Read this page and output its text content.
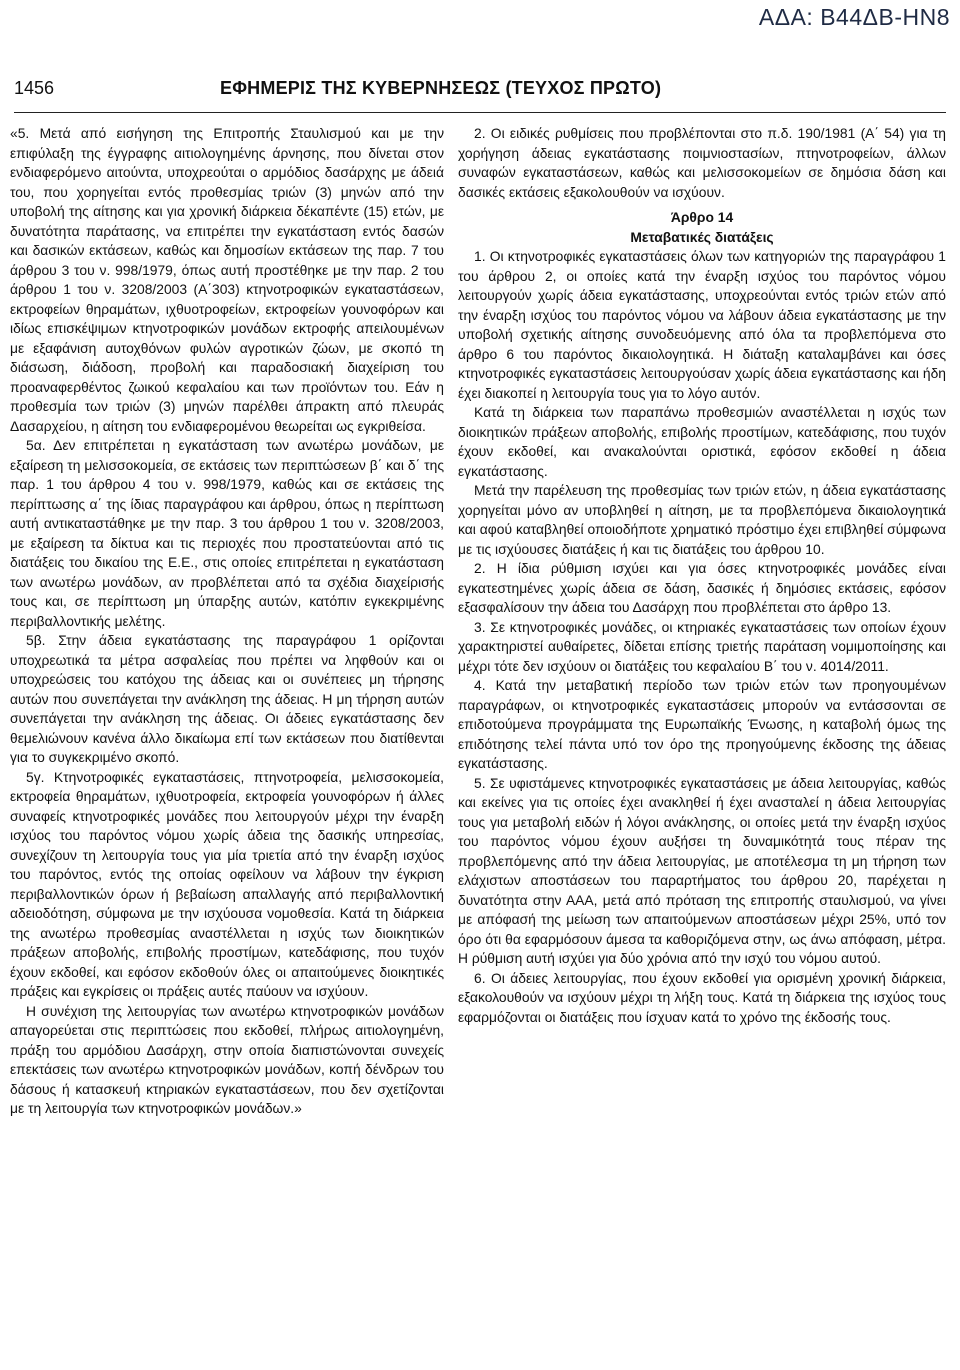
ΑΔΑ: Β44ΔΒ-ΗΝ8
1456	ΕΦΗΜΕΡΙΣ ΤΗΣ ΚΥΒΕΡΝΗΣΕΩΣ (ΤΕΥΧΟΣ ΠΡΩΤΟ)

«5. Μετά από εισήγηση της Επιτροπής Σταυλισμού και με την επιφύλαξη της έγγραφης αιτιολογημένης άρνησης, που δίνεται στον ενδιαφερόμενο αιτούντα, υποχρεούται ο αρμόδιος δασάρχης με άδειά του, που χορηγείται εντός προθεσμίας τριών (3) μηνών από την υποβολή της αίτησης και για χρονική διάρκεια δέκαπέντε (15) ετών, με δυνατότητα παράτασης, να επιτρέπει την εγκατάσταση εντός δασών και δασικών εκτάσεων, καθώς και δημοσίων εκτάσεων της παρ. 7 του άρθρου 3 του ν. 998/1979, όπως αυτή προστέθηκε με την παρ. 2 του άρθρου 1 του ν. 3208/2003 (Α΄303) κτηνοτροφικών εγκαταστάσεων, εκτροφείων θηραμάτων, ιχθυοτροφείων, εκτροφείων γουνοφόρων και ιδίως επισκέψιμων κτηνοτροφικών μονάδων εκτροφής απειλουμένων με εξαφάνιση αυτοχθόνων φυλών αγροτικών ζώων, με σκοπό τη διάσωση, διάδοση, προβολή και παραδοσιακή διαχείριση του προαναφερθέντος ζωικού κεφαλαίου και των προϊόντων του. Εάν η προθεσμία των τριών (3) μηνών παρέλθει άπρακτη από πλευράς Δασαρχείου, η αίτηση του ενδιαφερομένου θεωρείται ως εγκριθείσα.

5α. Δεν επιτρέπεται η εγκατάσταση των ανωτέρω μονάδων, με εξαίρεση τη μελισσοκομεία, σε εκτάσεις των περιπτώσεων β΄ και δ΄ της παρ. 1 του άρθρου 4 του ν. 998/1979, καθώς και σε εκτάσεις της περίπτωσης α΄ της ίδιας παραγράφου και άρθρου, όπως η περίπτωση αυτή αντικαταστάθηκε με την παρ. 3 του άρθρου 1 του ν. 3208/2003, με εξαίρεση τα δίκτυα και τις περιοχές που προστατεύονται από τις διατάξεις του δικαίου της Ε.Ε., στις οποίες επιτρέπεται η εγκατάσταση των ανωτέρω μονάδων, αν προβλέπεται από τα σχέδια διαχείρισής τους και, σε περίπτωση μη ύπαρξης αυτών, κατόπιν εγκεκριμένης περιβαλλοντικής μελέτης.

5β. Στην άδεια εγκατάστασης της παραγράφου 1 ορίζονται υποχρεωτικά τα μέτρα ασφαλείας που πρέπει να ληφθούν και οι υποχρεώσεις του κατόχου της άδειας και οι συνέπειες μη τήρησης αυτών που συνεπάγεται την ανάκληση της άδειας. Η μη τήρηση αυτών συνεπάγεται την ανάκληση της άδειας. Οι άδειες εγκατάστασης δεν θεμελιώνουν κανένα άλλο δικαίωμα επί των εκτάσεων που διατίθενται για το συγκεκριμένο σκοπό.

5γ. Κτηνοτροφικές εγκαταστάσεις, πτηνοτροφεία, μελισσοκομεία, εκτροφεία θηραμάτων, ιχθυοτροφεία, εκτροφεία γουνοφόρων ή άλλες συναφείς κτηνοτροφικές μονάδες που λειτουργούν μέχρι την έναρξη ισχύος του παρόντος νόμου χωρίς άδεια της δασικής υπηρεσίας, συνεχίζουν τη λειτουργία τους για μία τριετία από την έναρξη ισχύος του παρόντος, εντός της οποίας οφείλουν να λάβουν την έγκριση περιβαλλοντικών όρων ή βεβαίωση απαλλαγής από περιβαλλοντική αδειοδότηση, σύμφωνα με την ισχύουσα νομοθεσία. Κατά τη διάρκεια της ανωτέρω προθεσμίας αναστέλλεται η ισχύς των διοικητικών πράξεων αποβολής, επιβολής προστίμων, κατεδάφισης, που τυχόν έχουν εκδοθεί, και εφόσον εκδοθούν όλες οι απαιτούμενες διοικητικές πράξεις και εγκρίσεις οι πράξεις αυτές παύουν να ισχύουν.

Η συνέχιση της λειτουργίας των ανωτέρω κτηνοτροφικών μονάδων απαγορεύεται στις περιπτώσεις που εκδοθεί, πλήρως αιτιολογημένη, πράξη του αρμόδιου Δασάρχη, στην οποία διαπιστώνονται συνεχείς επεκτάσεις των ανωτέρω κτηνοτροφικών μονάδων, κοπή δένδρων του δάσους ή κατασκευή κτηριακών εγκαταστάσεων, που δεν σχετίζονται με τη λειτουργία των κτηνοτροφικών μονάδων.»

2. Οι ειδικές ρυθμίσεις που προβλέπονται στο π.δ. 190/1981 (Α΄ 54) για τη χορήγηση άδειας εγκατάστασης ποιμνιοστασίων, πτηνοτροφείων, άλλων συναφών εγκαταστάσεων, καθώς και μελισσοκομείων σε δημόσια δάση και δασικές εκτάσεις εξακολουθούν να ισχύουν.

Άρθρο 14
Μεταβατικές διατάξεις

1. Οι κτηνοτροφικές εγκαταστάσεις όλων των κατηγοριών της παραγράφου 1 του άρθρου 2, οι οποίες κατά την έναρξη ισχύος του παρόντος νόμου λειτουργούν χωρίς άδεια εγκατάστασης, υποχρεούνται εντός τριών ετών από την έναρξη ισχύος του παρόντος νόμου να λάβουν άδεια εγκατάστασης με την υποβολή σχετικής αίτησης συνοδευόμενης από όλα τα προβλεπόμενα στο άρθρο 6 του παρόντος δικαιολογητικά. Η διάταξη καταλαμβάνει και όσες κτηνοτροφικές εγκαταστάσεις λειτουργούσαν χωρίς άδεια εγκατάστασης και ήδη έχει διακοπεί η λειτουργία τους για το λόγο αυτόν.

Κατά τη διάρκεια των παραπάνω προθεσμιών αναστέλλεται η ισχύς των διοικητικών πράξεων αποβολής, επιβολής προστίμων, κατεδάφισης, που τυχόν έχουν εκδοθεί, και ανακαλούνται οριστικά, εφόσον εκδοθεί η άδεια εγκατάστασης.

Μετά την παρέλευση της προθεσμίας των τριών ετών, η άδεια εγκατάστασης χορηγείται μόνο αν υποβληθεί η αίτηση, με τα προβλεπόμενα δικαιολογητικά και αφού καταβληθεί οποιοδήποτε χρηματικό πρόστιμο έχει επιβληθεί σύμφωνα με τις ισχύουσες διατάξεις ή και τις διατάξεις του άρθρου 10.

2. Η ίδια ρύθμιση ισχύει και για όσες κτηνοτροφικές μονάδες είναι εγκατεστημένες χωρίς άδεια σε δάση, δασικές ή δημόσιες εκτάσεις, εφόσον εξασφαλίσουν την άδεια του Δασάρχη που προβλέπεται στο άρθρο 13.

3. Σε κτηνοτροφικές μονάδες, οι κτηριακές εγκαταστάσεις των οποίων έχουν χαρακτηριστεί αυθαίρετες, δίδεται επίσης τριετής παράταση νομιμοποίησης και μέχρι τότε δεν ισχύουν οι διατάξεις του κεφαλαίου Β΄ του ν. 4014/2011.

4. Κατά την μεταβατική περίοδο των τριών ετών των προηγουμένων παραγράφων, οι κτηνοτροφικές εγκαταστάσεις μπορούν να εντάσσονται σε επιδοτούμενα προγράμματα της Ευρωπαϊκής Ένωσης, η καταβολή όμως της επιδότησης τελεί πάντα υπό τον όρο της προηγούμενης έκδοσης της άδειας εγκατάστασης.

5. Σε υφιστάμενες κτηνοτροφικές εγκαταστάσεις με άδεια λειτουργίας, καθώς και εκείνες για τις οποίες έχει ανακληθεί ή έχει ανασταλεί η άδεια λειτουργίας τους για μεταβολή ειδών ή λόγοι ανάκλησης, οι οποίες μετά την έναρξη ισχύος του παρόντος νόμου έχουν αυξήσει τη δυναμικότητά τους πέραν της προβλεπόμενης από την άδεια λειτουργίας, με αποτέλεσμα τη μη τήρηση των ελάχιστων αποστάσεων του παραρτήματος του άρθρου 20, παρέχεται η δυνατότητα στην ΑΑΑ, μετά από πρόταση της επιτροπής σταυλισμού, να γίνει με απόφασή της μείωση των απαιτούμενων αποστάσεων μέχρι 25%, υπό τον όρο ότι θα εφαρμόσουν άμεσα τα καθοριζόμενα στην, ως άνω απόφαση, μέτρα. Η ρύθμιση αυτή ισχύει για δύο χρόνια από την ισχύ του νόμου αυτού.

6. Οι άδειες λειτουργίας, που έχουν εκδοθεί για ορισμένη χρονική διάρκεια, εξακολουθούν να ισχύουν μέχρι τη λήξη τους. Κατά τη διάρκεια της ισχύος τους εφαρμόζονται οι διατάξεις που ίσχυαν κατά το χρόνο της έκδοσής τους.
